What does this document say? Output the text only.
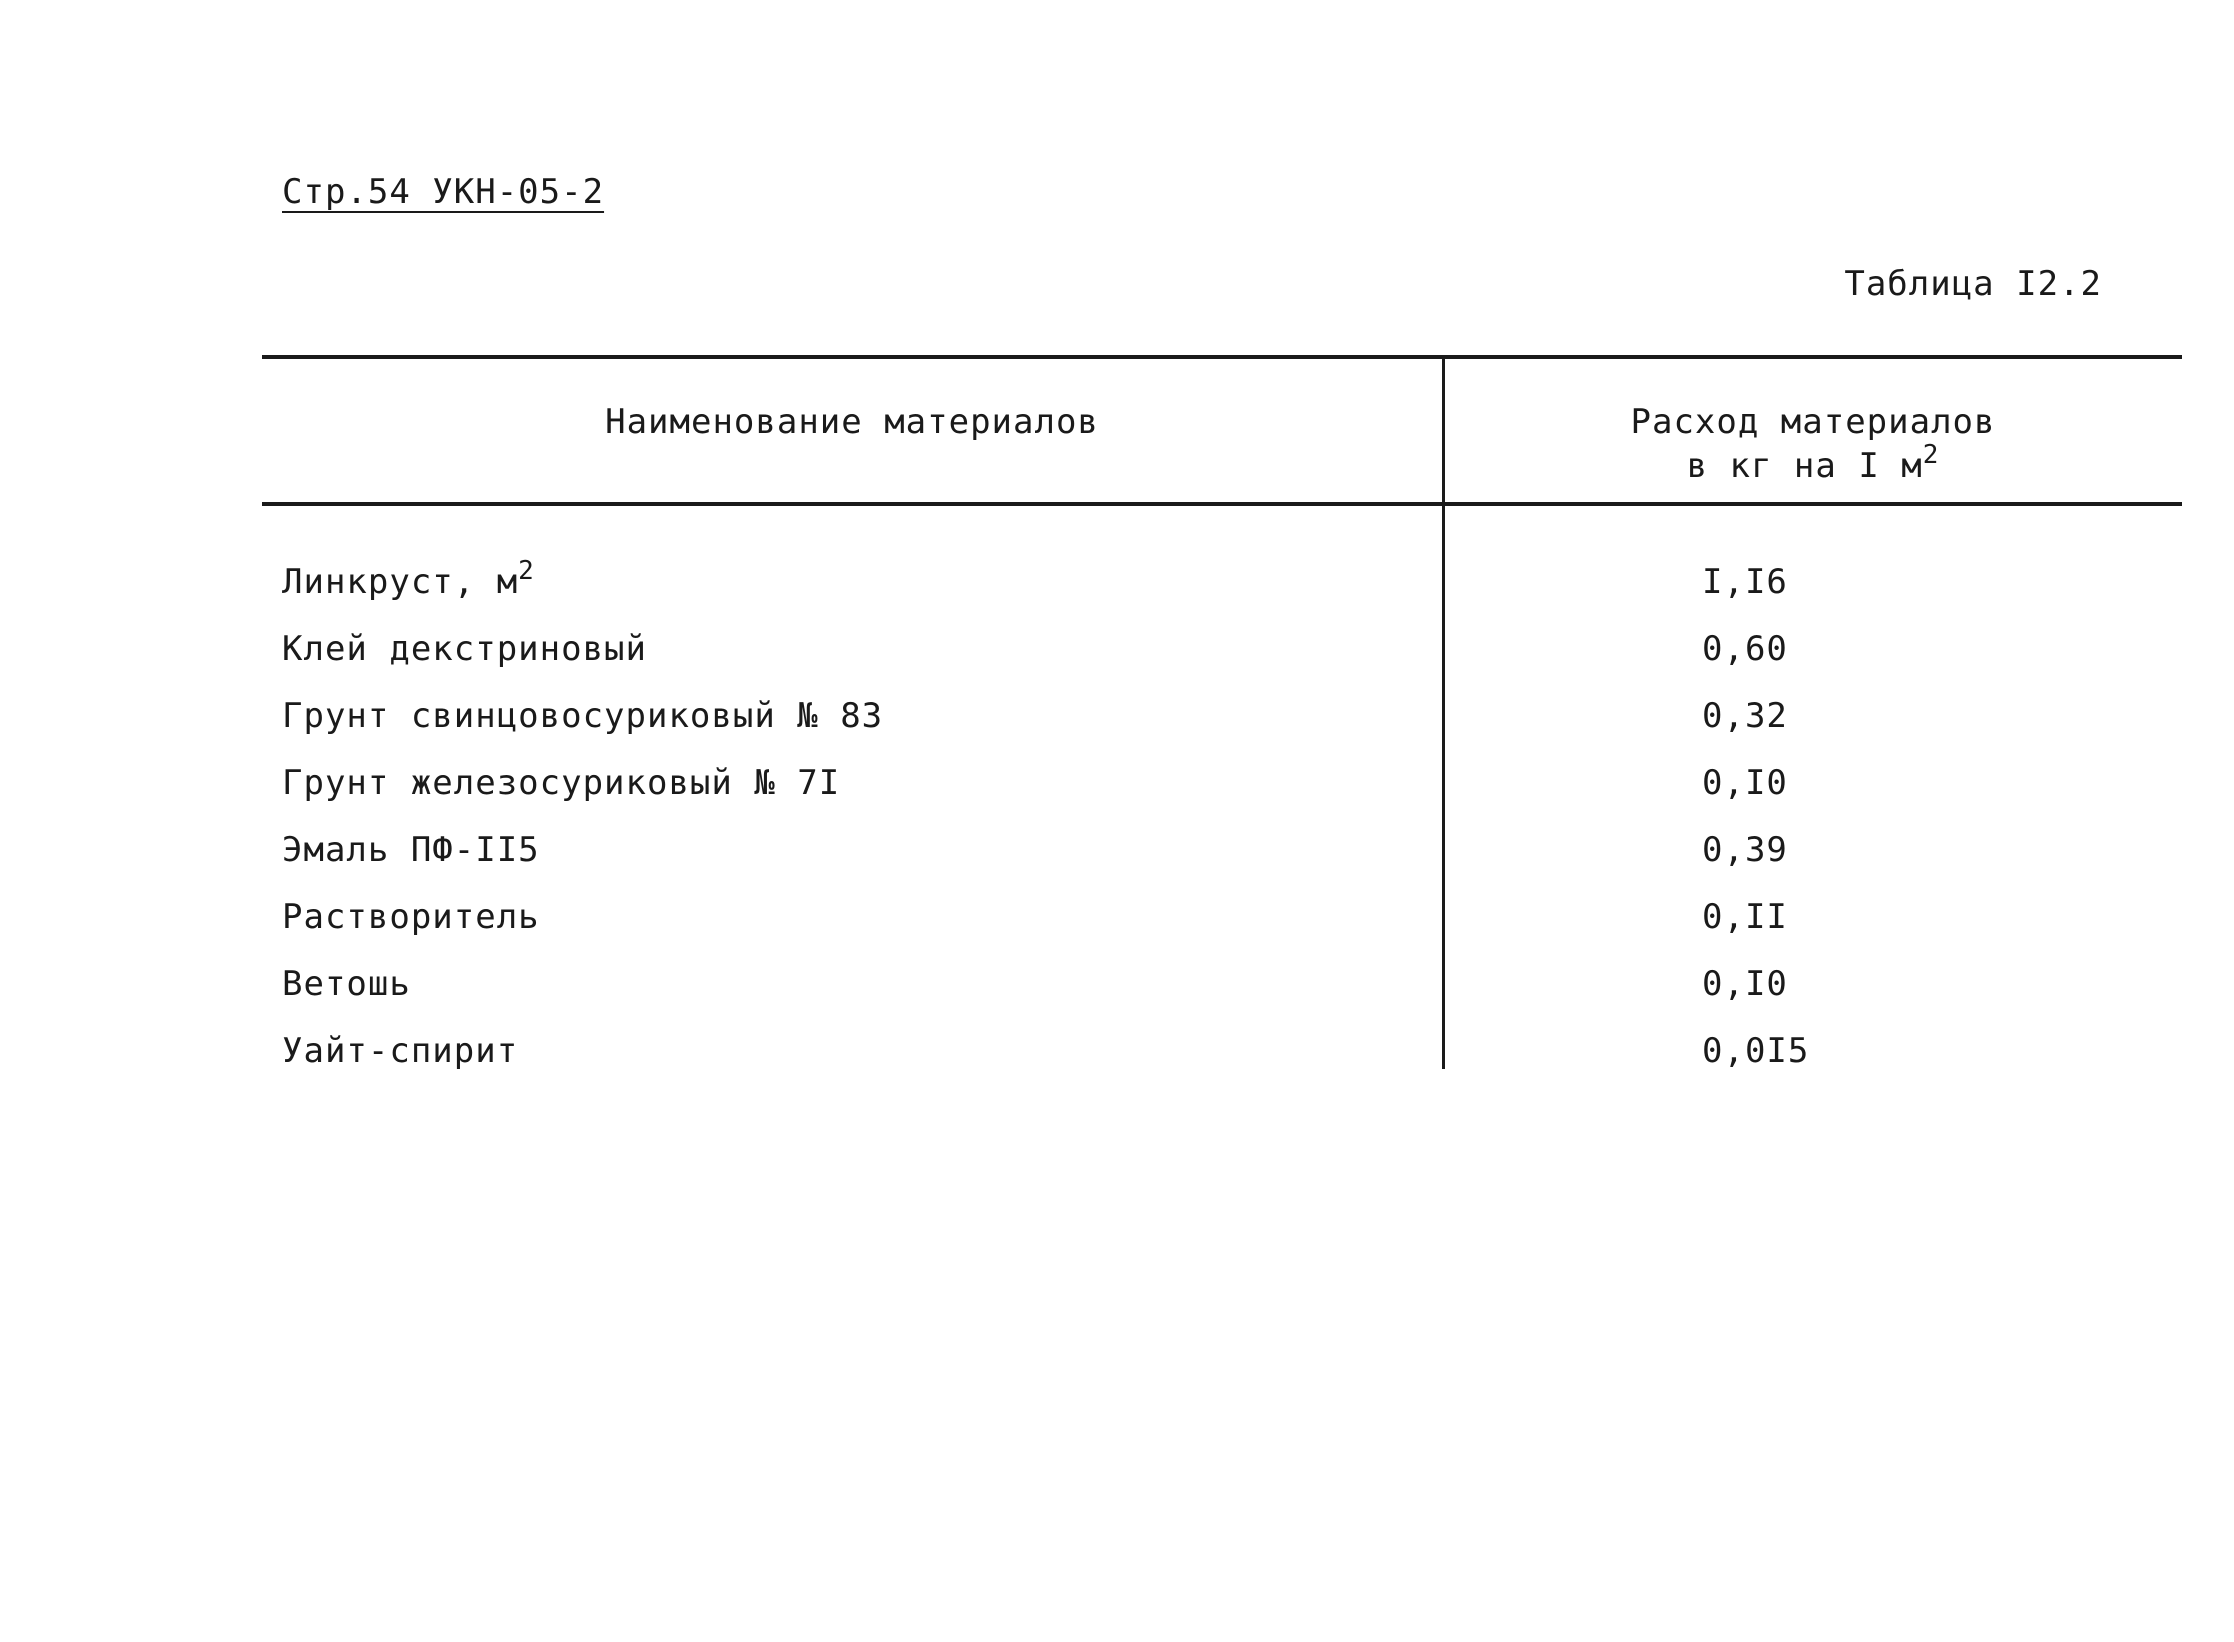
Стр.54 УКН-05-2
Таблица I2.2
Наименование материалов	Расход материалов
в кг на I $м^2$
Линкруст, $м^2$	I,I6
Клей декстриновый	0,60
Грунт свинцовосуриковый № 83	0,32
Грунт железосуриковый № 7I	0,I0
Эмаль ПФ-II5	0,39
Растворитель	0,II
Ветошь	0,I0
Уайт-спирит	0,0I5
